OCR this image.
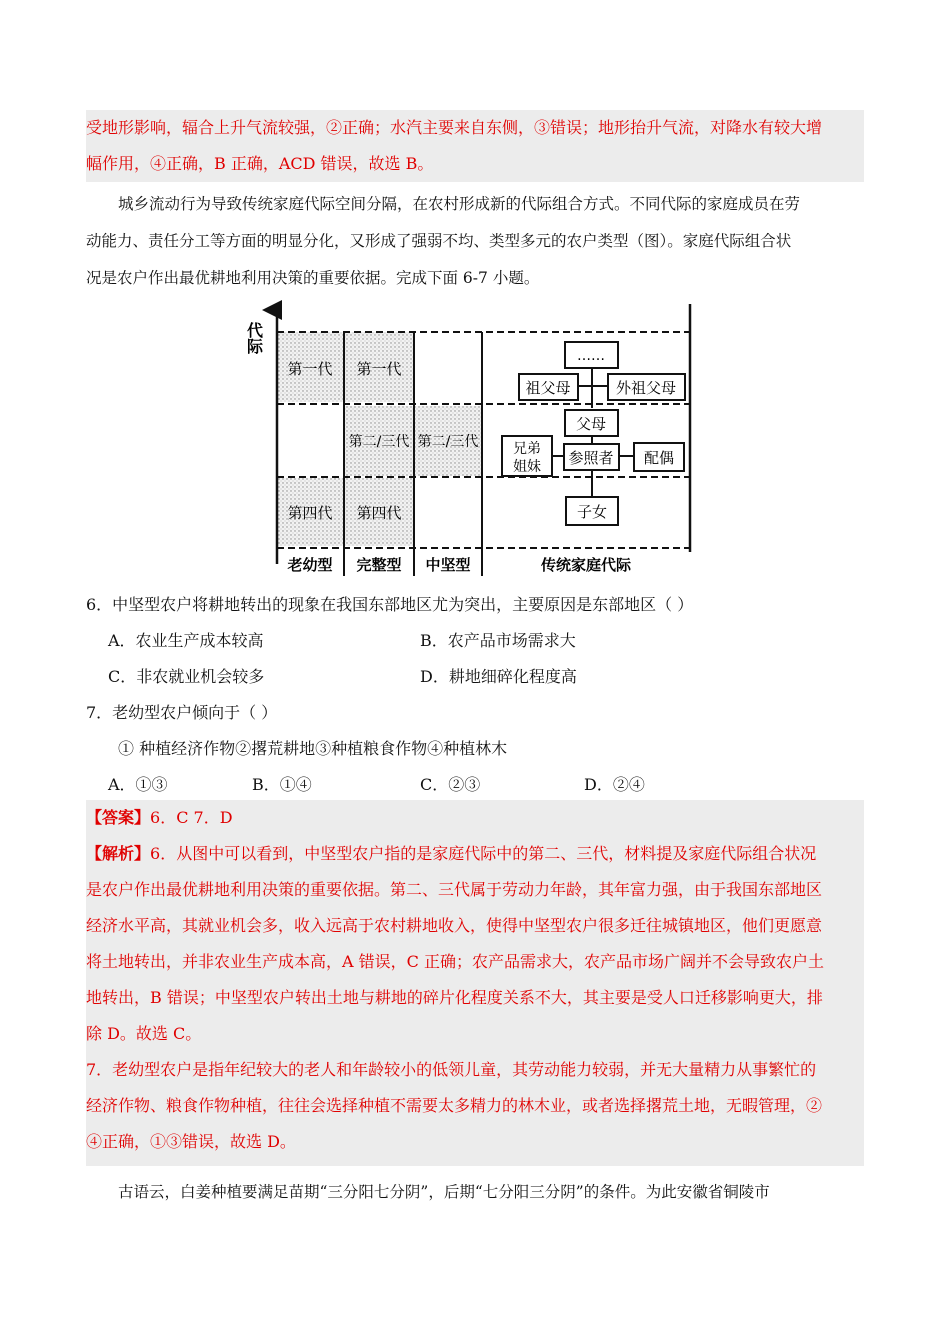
受地形影响，辐合上升气流较强，②正确；水汽主要来自东侧，③错误；地形抬升气流，对降水有较大增
幅作用，④正确，B 正确，ACD 错误，故选 B。
城乡流动行为导致传统家庭代际空间分隔，在农村形成新的代际组合方式。不同代际的家庭成员在劳
动能力、责任分工等方面的明显分化，又形成了强弱不均、类型多元的农户类型（图）。家庭代际组合状
况是农户作出最优耕地利用决策的重要依据。完成下面 6-7 小题。
代际
第一代 第一代
第二/三代 第二/三代
第四代 第四代
老幼型 完整型 中坚型	传统家庭代际
……
祖父母	外祖父母
父母
兄弟
姐妹 参照者 配偶
子女
6．中坚型农户将耕地转出的现象在我国东部地区尤为突出，主要原因是东部地区（ ）
A．农业生产成本较高	B．农产品市场需求大
C．非农就业机会较多	D．耕地细碎化程度高
7．老幼型农户倾向于（ ）
① 种植经济作物②撂荒耕地③种植粮食作物④种植林木
A．①③	B．①④	C．②③	D．②④
【答案】6．C 7．D
【解析】6．从图中可以看到，中坚型农户指的是家庭代际中的第二、三代，材料提及家庭代际组合状况
是农户作出最优耕地利用决策的重要依据。第二、三代属于劳动力年龄，其年富力强，由于我国东部地区
经济水平高，其就业机会多，收入远高于农村耕地收入，使得中坚型农户很多迁往城镇地区，他们更愿意
将土地转出，并非农业生产成本高，A 错误，C 正确；农产品需求大，农产品市场广阔并不会导致农户土
地转出，B 错误；中坚型农户转出土地与耕地的碎片化程度关系不大，其主要是受人口迁移影响更大，排
除 D。故选 C。
7．老幼型农户是指年纪较大的老人和年龄较小的低领儿童，其劳动能力较弱，并无大量精力从事繁忙的
经济作物、粮食作物种植，往往会选择种植不需要太多精力的林木业，或者选择撂荒土地，无暇管理，②
④正确，①③错误，故选 D。
古语云，白姜种植要满足苗期“三分阳七分阴”，后期“七分阳三分阴”的条件。为此安徽省铜陵市
